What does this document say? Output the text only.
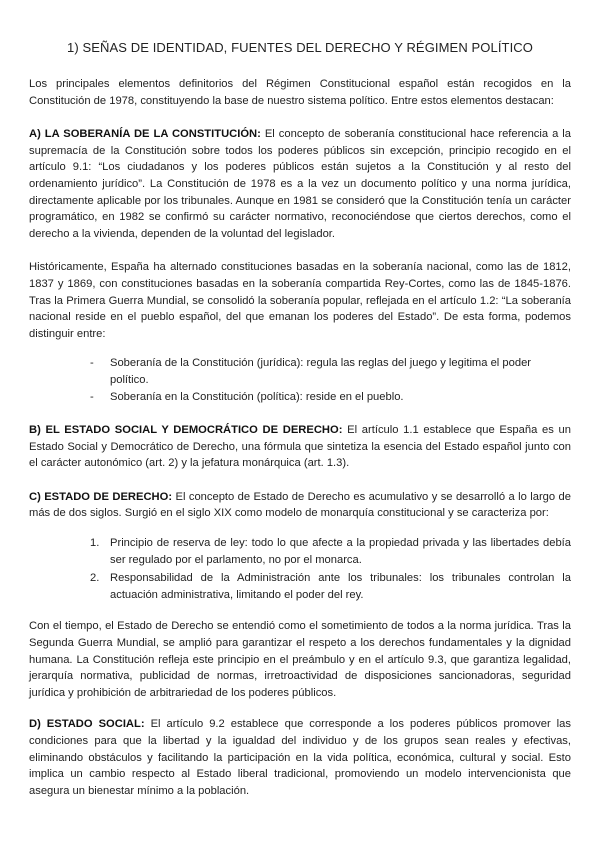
1) SEÑAS DE IDENTIDAD, FUENTES DEL DERECHO Y RÉGIMEN POLÍTICO

Los principales elementos definitorios del Régimen Constitucional español están recogidos en la Constitución de 1978, constituyendo la base de nuestro sistema político. Entre estos elementos destacan:

A) LA SOBERANÍA DE LA CONSTITUCIÓN: El concepto de soberanía constitucional hace referencia a la supremacía de la Constitución sobre todos los poderes públicos sin excepción, principio recogido en el artículo 9.1: “Los ciudadanos y los poderes públicos están sujetos a la Constitución y al resto del ordenamiento jurídico”. La Constitución de 1978 es a la vez un documento político y una norma jurídica, directamente aplicable por los tribunales. Aunque en 1981 se consideró que la Constitución tenía un carácter programático, en 1982 se confirmó su carácter normativo, reconociéndose que ciertos derechos, como el derecho a la vivienda, dependen de la voluntad del legislador.

Históricamente, España ha alternado constituciones basadas en la soberanía nacional, como las de 1812, 1837 y 1869, con constituciones basadas en la soberanía compartida Rey-Cortes, como las de 1845-1876. Tras la Primera Guerra Mundial, se consolidó la soberanía popular, reflejada en el artículo 1.2: “La soberanía nacional reside en el pueblo español, del que emanan los poderes del Estado”. De esta forma, podemos distinguir entre:

- Soberanía de la Constitución (jurídica): regula las reglas del juego y legitima el poder político.
- Soberanía en la Constitución (política): reside en el pueblo.

B) EL ESTADO SOCIAL Y DEMOCRÁTICO DE DERECHO: El artículo 1.1 establece que España es un Estado Social y Democrático de Derecho, una fórmula que sintetiza la esencia del Estado español junto con el carácter autonómico (art. 2) y la jefatura monárquica (art. 1.3).

C) ESTADO DE DERECHO: El concepto de Estado de Derecho es acumulativo y se desarrolló a lo largo de más de dos siglos. Surgió en el siglo XIX como modelo de monarquía constitucional y se caracteriza por:

1. Principio de reserva de ley: todo lo que afecte a la propiedad privada y las libertades debía ser regulado por el parlamento, no por el monarca.
2. Responsabilidad de la Administración ante los tribunales: los tribunales controlan la actuación administrativa, limitando el poder del rey.

Con el tiempo, el Estado de Derecho se entendió como el sometimiento de todos a la norma jurídica. Tras la Segunda Guerra Mundial, se amplió para garantizar el respeto a los derechos fundamentales y la dignidad humana. La Constitución refleja este principio en el preámbulo y en el artículo 9.3, que garantiza legalidad, jerarquía normativa, publicidad de normas, irretroactividad de disposiciones sancionadoras, seguridad jurídica y prohibición de arbitrariedad de los poderes públicos.

D) ESTADO SOCIAL: El artículo 9.2 establece que corresponde a los poderes públicos promover las condiciones para que la libertad y la igualdad del individuo y de los grupos sean reales y efectivas, eliminando obstáculos y facilitando la participación en la vida política, económica, cultural y social. Esto implica un cambio respecto al Estado liberal tradicional, promoviendo un modelo intervencionista que asegura un bienestar mínimo a la población.
